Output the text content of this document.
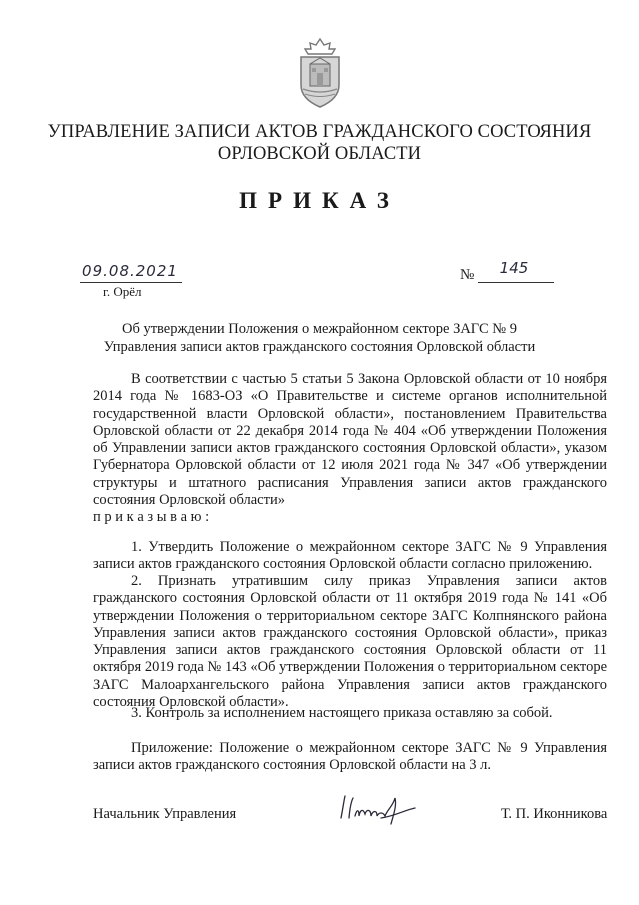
УПРАВЛЕНИЕ ЗАПИСИ АКТОВ ГРАЖДАНСКОГО СОСТОЯНИЯ
ОРЛОВСКОЙ ОБЛАСТИ
ПРИКАЗ
09.08.2021
г. Орёл
№	145
Об утверждении Положения о межрайонном секторе ЗАГС № 9
Управления записи актов гражданского состояния Орловской области
В соответствии с частью 5 статьи 5 Закона Орловской области от 10 ноября 2014 года № 1683-ОЗ «О Правительстве и системе органов исполнительной государственной власти Орловской области», постановлением Правительства Орловской области от 22 декабря 2014 года № 404 «Об утверждении Положения об Управлении записи актов гражданского состояния Орловской области», указом Губернатора Орловской области от 12 июля 2021 года № 347 «Об утверждении структуры и штатного расписания Управления записи актов гражданского состояния Орловской области»
п р и к а з ы в а ю :
1. Утвердить Положение о межрайонном секторе ЗАГС № 9 Управления записи актов гражданского состояния Орловской области согласно приложению.
2. Признать утратившим силу приказ Управления записи актов гражданского состояния Орловской области от 11 октября 2019 года № 141 «Об утверждении Положения о территориальном секторе ЗАГС Колпнянского района Управления записи актов гражданского состояния Орловской области», приказ Управления записи актов гражданского состояния Орловской области от 11 октября 2019 года № 143 «Об утверждении Положения о территориальном секторе ЗАГС Малоархангельского района Управления записи актов гражданского состояния Орловской области».
3. Контроль за исполнением настоящего приказа оставляю за собой.
Приложение: Положение о межрайонном секторе ЗАГС № 9 Управления записи актов гражданского состояния Орловской области на 3 л.
Начальник Управления	Т. П. Иконникова
